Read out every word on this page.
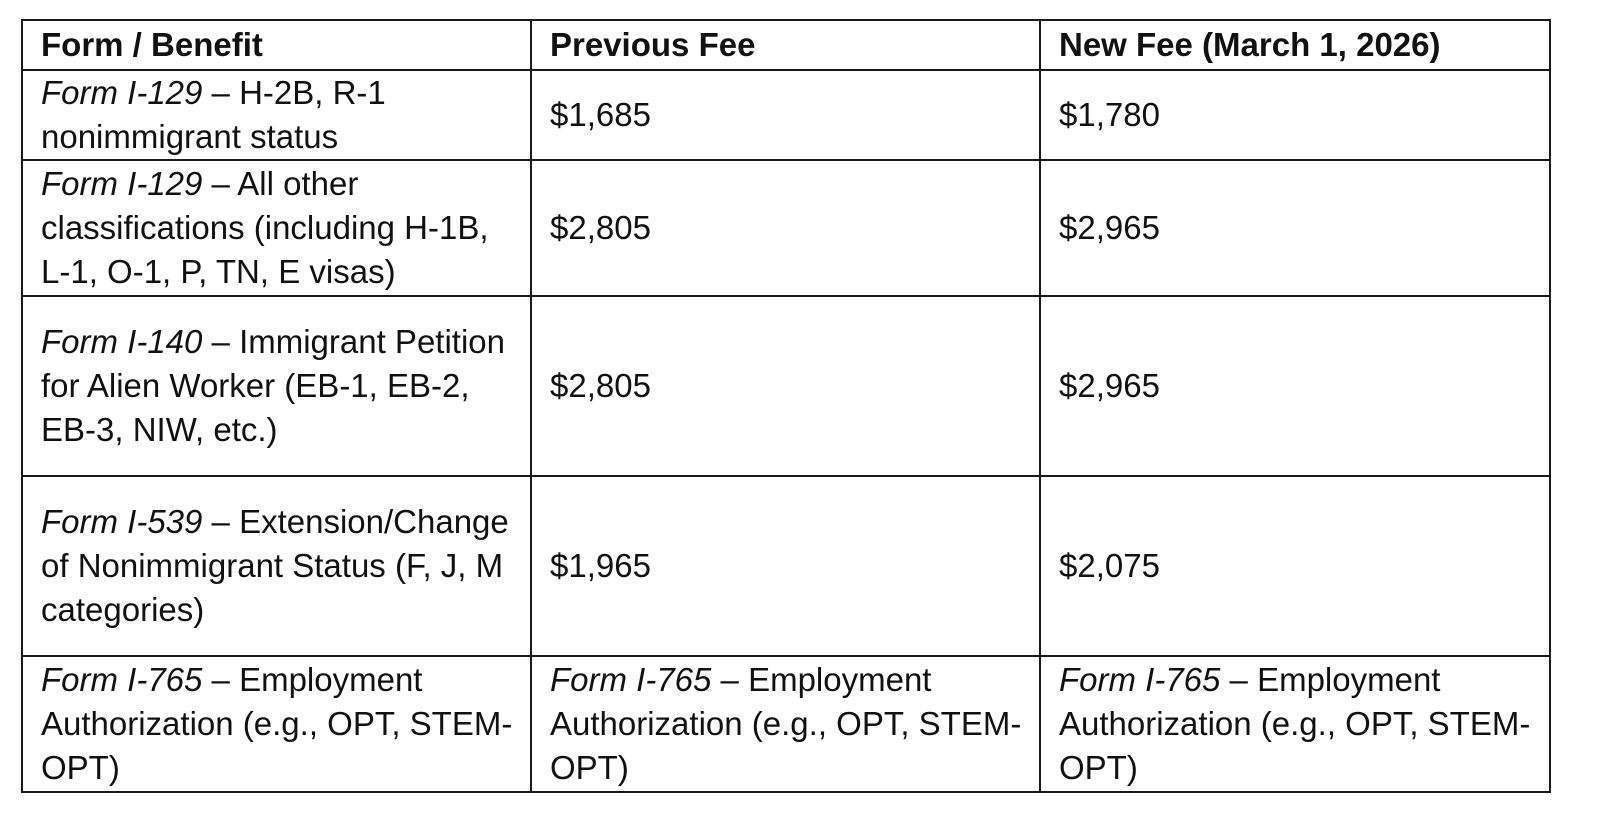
Form / Benefit	Previous Fee	New Fee (March 1, 2026)
Form I-129 – H-2B, R-1 nonimmigrant status	$1,685	$1,780
Form I-129 – All other classifications (including H-1B, L-1, O-1, P, TN, E visas)	$2,805	$2,965
Form I-140 – Immigrant Petition for Alien Worker (EB-1, EB-2, EB-3, NIW, etc.)	$2,805	$2,965
Form I-539 – Extension/Change of Nonimmigrant Status (F, J, M categories)	$1,965	$2,075
Form I-765 – Employment Authorization (e.g., OPT, STEM-OPT)	Form I-765 – Employment Authorization (e.g., OPT, STEM-OPT)	Form I-765 – Employment Authorization (e.g., OPT, STEM-OPT)
